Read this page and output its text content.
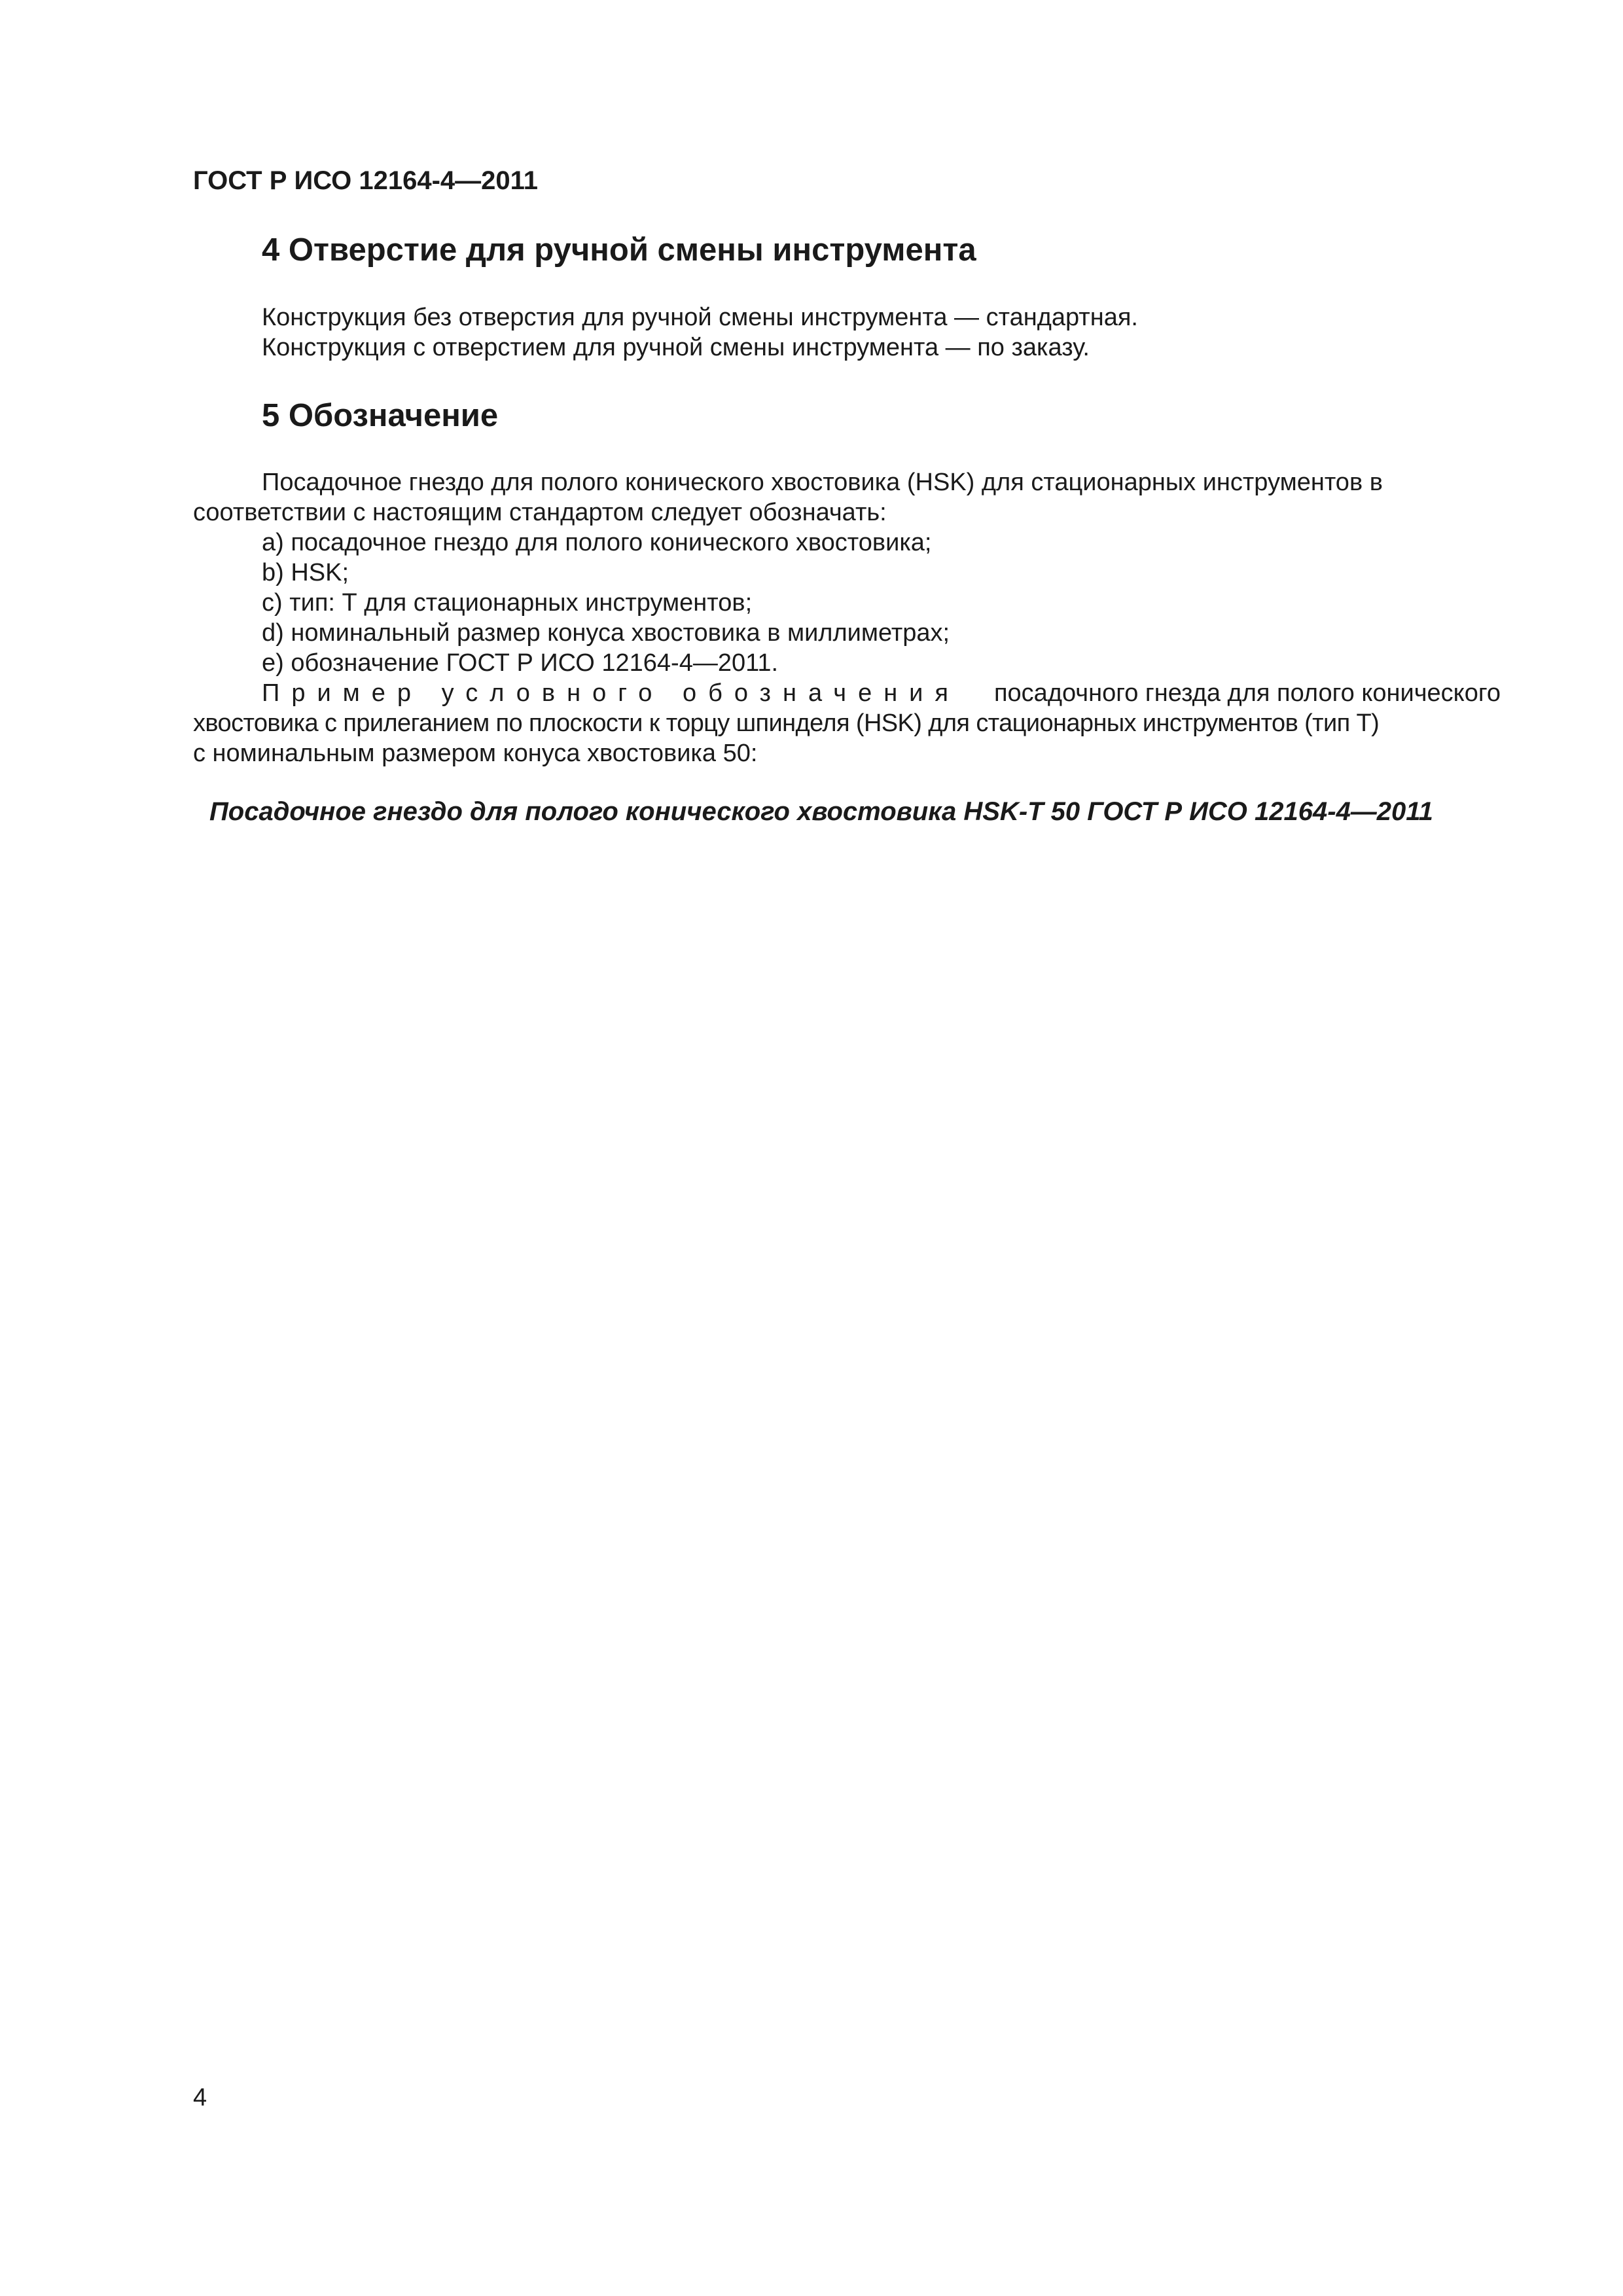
ГОСТ Р ИСО 12164-4—2011
4 Отверстие для ручной смены инструмента
Конструкция без отверстия для ручной смены инструмента — стандартная.
Конструкция с отверстием для ручной смены инструмента — по заказу.
5 Обозначение
Посадочное гнездо для полого конического хвостовика (HSK) для стационарных инструментов в
соответствии с настоящим стандартом следует обозначать:
a) посадочное гнездо для полого конического хвостовика;
b) HSK;
c) тип: Т для стационарных инструментов;
d) номинальный размер конуса хвостовика в миллиметрах;
e) обозначение ГОСТ Р ИСО 12164-4—2011.
Пример условного обозначения посадочного гнезда для полого конического
хвостовика с прилеганием по плоскости к торцу шпинделя (HSK) для стационарных инструментов (тип Т)
с номинальным размером конуса хвостовика 50:
Посадочное гнездо для полого конического хвостовика HSK-T 50 ГОСТ Р ИСО 12164-4—2011
4
